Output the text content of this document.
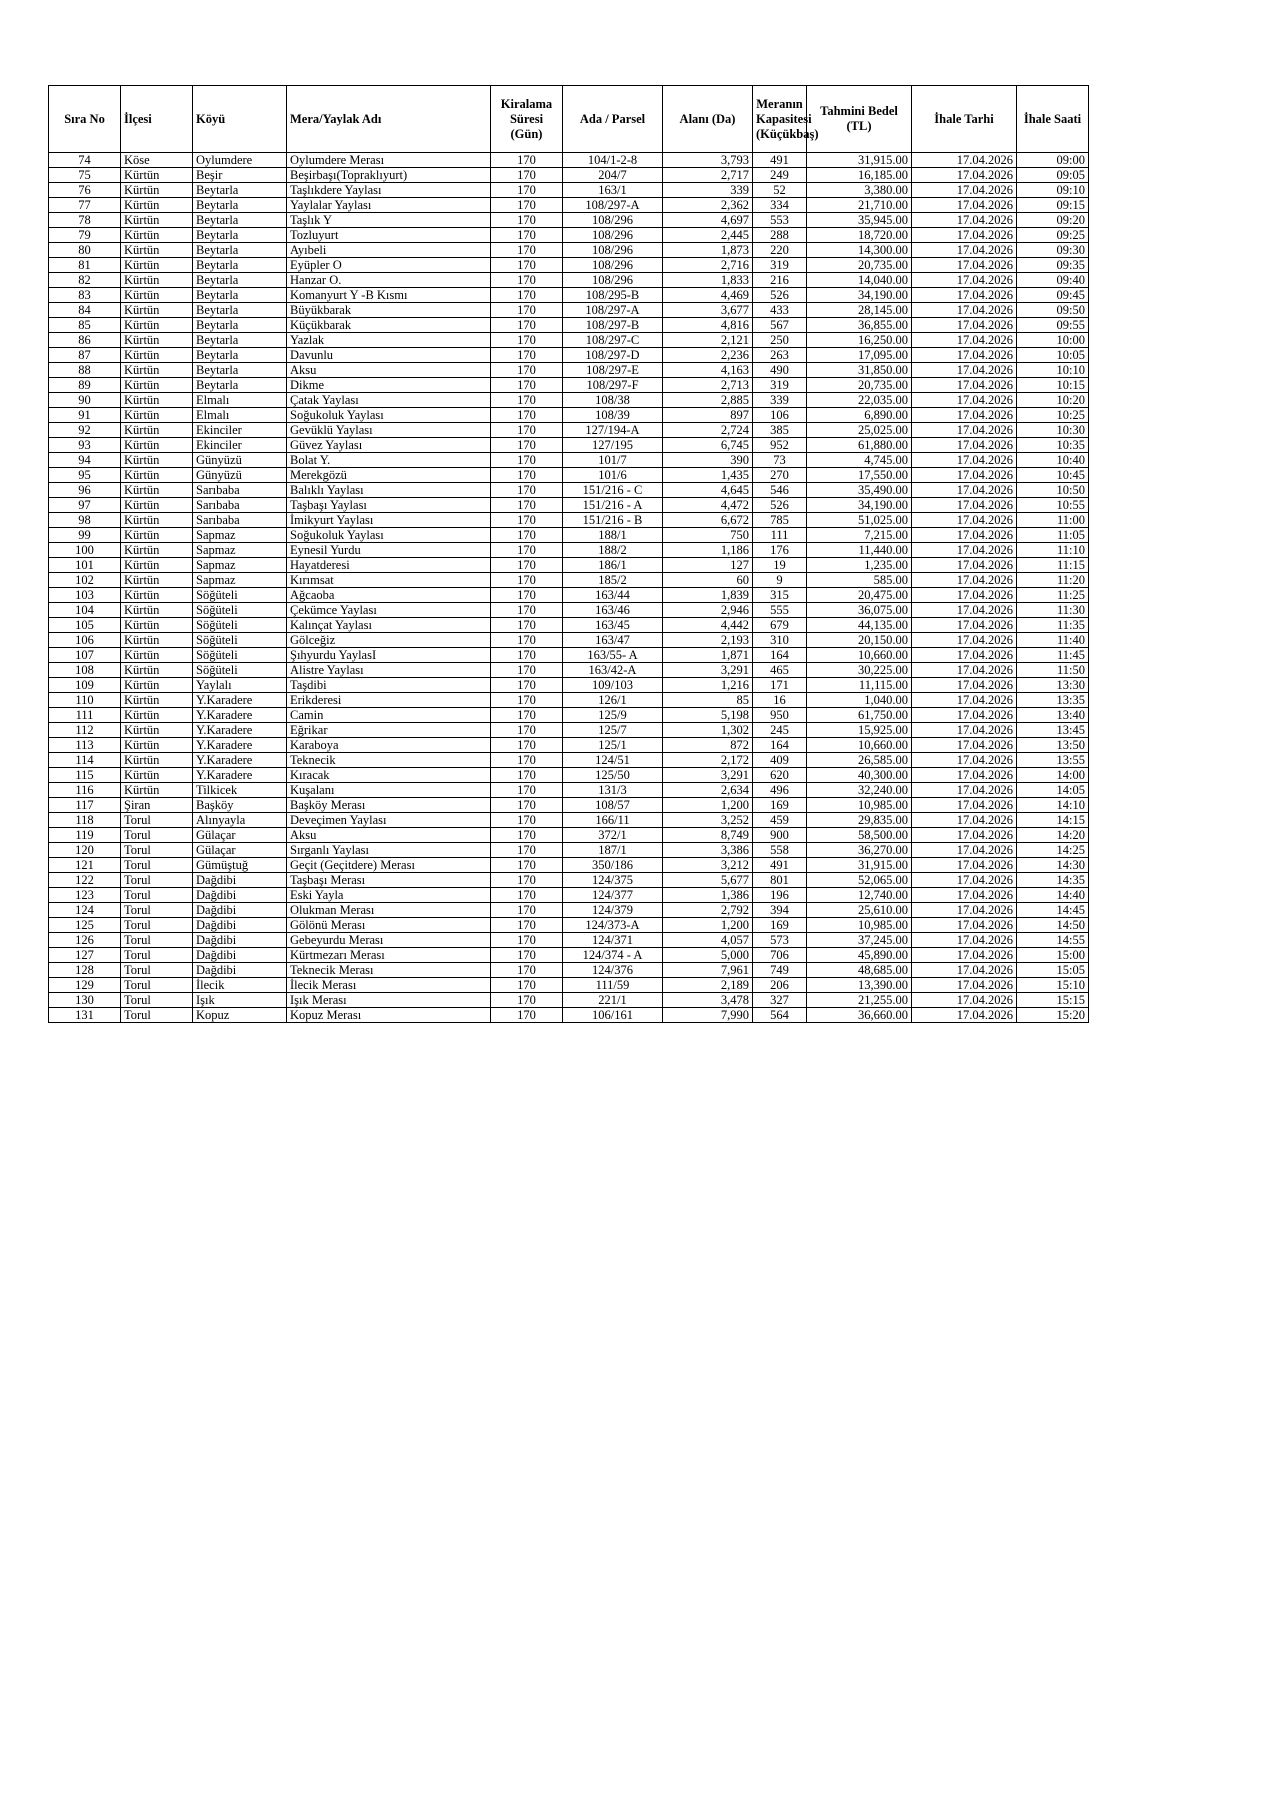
Sıra No	İlçesi	Köyü	Mera/Yaylak Adı	Kiralama Süresi (Gün)	Ada / Parsel	Alanı (Da)	Meranın Kapasitesi (Küçükbaş)	Tahmini Bedel (TL)	İhale Tarhi	İhale Saati
74	Köse	Oylumdere	Oylumdere Merası	170	104/1-2-8	3,793	491	31,915.00	17.04.2026	09:00
75	Kürtün	Beşir	Beşirbaşı(Topraklıyurt)	170	204/7	2,717	249	16,185.00	17.04.2026	09:05
76	Kürtün	Beytarla	Taşlıkdere Yaylası	170	163/1	339	52	3,380.00	17.04.2026	09:10
77	Kürtün	Beytarla	Yaylalar Yaylası	170	108/297-A	2,362	334	21,710.00	17.04.2026	09:15
78	Kürtün	Beytarla	Taşlık Y	170	108/296	4,697	553	35,945.00	17.04.2026	09:20
79	Kürtün	Beytarla	Tozluyurt	170	108/296	2,445	288	18,720.00	17.04.2026	09:25
80	Kürtün	Beytarla	Ayıbeli	170	108/296	1,873	220	14,300.00	17.04.2026	09:30
81	Kürtün	Beytarla	Eyüpler O	170	108/296	2,716	319	20,735.00	17.04.2026	09:35
82	Kürtün	Beytarla	Hanzar O.	170	108/296	1,833	216	14,040.00	17.04.2026	09:40
83	Kürtün	Beytarla	Komanyurt Y -B Kısmı	170	108/295-B	4,469	526	34,190.00	17.04.2026	09:45
84	Kürtün	Beytarla	Büyükbarak	170	108/297-A	3,677	433	28,145.00	17.04.2026	09:50
85	Kürtün	Beytarla	Küçükbarak	170	108/297-B	4,816	567	36,855.00	17.04.2026	09:55
86	Kürtün	Beytarla	Yazlak	170	108/297-C	2,121	250	16,250.00	17.04.2026	10:00
87	Kürtün	Beytarla	Davunlu	170	108/297-D	2,236	263	17,095.00	17.04.2026	10:05
88	Kürtün	Beytarla	Aksu	170	108/297-E	4,163	490	31,850.00	17.04.2026	10:10
89	Kürtün	Beytarla	Dikme	170	108/297-F	2,713	319	20,735.00	17.04.2026	10:15
90	Kürtün	Elmalı	Çatak Yaylası	170	108/38	2,885	339	22,035.00	17.04.2026	10:20
91	Kürtün	Elmalı	Soğukoluk Yaylası	170	108/39	897	106	6,890.00	17.04.2026	10:25
92	Kürtün	Ekinciler	Gevüklü Yaylası	170	127/194-A	2,724	385	25,025.00	17.04.2026	10:30
93	Kürtün	Ekinciler	Güvez Yaylası	170	127/195	6,745	952	61,880.00	17.04.2026	10:35
94	Kürtün	Günyüzü	Bolat Y.	170	101/7	390	73	4,745.00	17.04.2026	10:40
95	Kürtün	Günyüzü	Merekgözü	170	101/6	1,435	270	17,550.00	17.04.2026	10:45
96	Kürtün	Sarıbaba	Balıklı Yaylası	170	151/216 - C	4,645	546	35,490.00	17.04.2026	10:50
97	Kürtün	Sarıbaba	Taşbaşı Yaylası	170	151/216 - A	4,472	526	34,190.00	17.04.2026	10:55
98	Kürtün	Sarıbaba	İmikyurt Yaylası	170	151/216 - B	6,672	785	51,025.00	17.04.2026	11:00
99	Kürtün	Sapmaz	Soğukoluk Yaylası	170	188/1	750	111	7,215.00	17.04.2026	11:05
100	Kürtün	Sapmaz	Eynesil Yurdu	170	188/2	1,186	176	11,440.00	17.04.2026	11:10
101	Kürtün	Sapmaz	Hayatderesi	170	186/1	127	19	1,235.00	17.04.2026	11:15
102	Kürtün	Sapmaz	Kırımsat	170	185/2	60	9	585.00	17.04.2026	11:20
103	Kürtün	Söğüteli	Ağcaoba	170	163/44	1,839	315	20,475.00	17.04.2026	11:25
104	Kürtün	Söğüteli	Çekümce Yaylası	170	163/46	2,946	555	36,075.00	17.04.2026	11:30
105	Kürtün	Söğüteli	Kalınçat Yaylası	170	163/45	4,442	679	44,135.00	17.04.2026	11:35
106	Kürtün	Söğüteli	Gölceğiz	170	163/47	2,193	310	20,150.00	17.04.2026	11:40
107	Kürtün	Söğüteli	Şıhyurdu YaylasI	170	163/55- A	1,871	164	10,660.00	17.04.2026	11:45
108	Kürtün	Söğüteli	Alistre Yaylası	170	163/42-A	3,291	465	30,225.00	17.04.2026	11:50
109	Kürtün	Yaylalı	Taşdibi	170	109/103	1,216	171	11,115.00	17.04.2026	13:30
110	Kürtün	Y.Karadere	Erikderesi	170	126/1	85	16	1,040.00	17.04.2026	13:35
111	Kürtün	Y.Karadere	Camin	170	125/9	5,198	950	61,750.00	17.04.2026	13:40
112	Kürtün	Y.Karadere	Eğrikar	170	125/7	1,302	245	15,925.00	17.04.2026	13:45
113	Kürtün	Y.Karadere	Karaboya	170	125/1	872	164	10,660.00	17.04.2026	13:50
114	Kürtün	Y.Karadere	Teknecik	170	124/51	2,172	409	26,585.00	17.04.2026	13:55
115	Kürtün	Y.Karadere	Kıracak	170	125/50	3,291	620	40,300.00	17.04.2026	14:00
116	Kürtün	Tilkicek	Kuşalanı	170	131/3	2,634	496	32,240.00	17.04.2026	14:05
117	Şiran	Başköy	Başköy Merası	170	108/57	1,200	169	10,985.00	17.04.2026	14:10
118	Torul	Alınyayla	Deveçimen Yaylası	170	166/11	3,252	459	29,835.00	17.04.2026	14:15
119	Torul	Gülaçar	Aksu	170	372/1	8,749	900	58,500.00	17.04.2026	14:20
120	Torul	Gülaçar	Sırganlı Yaylası	170	187/1	3,386	558	36,270.00	17.04.2026	14:25
121	Torul	Gümüştuğ	Geçit (Geçitdere) Merası	170	350/186	3,212	491	31,915.00	17.04.2026	14:30
122	Torul	Dağdibi	Taşbaşı Merası	170	124/375	5,677	801	52,065.00	17.04.2026	14:35
123	Torul	Dağdibi	Eski Yayla	170	124/377	1,386	196	12,740.00	17.04.2026	14:40
124	Torul	Dağdibi	Olukman Merası	170	124/379	2,792	394	25,610.00	17.04.2026	14:45
125	Torul	Dağdibi	Gölönü Merası	170	124/373-A	1,200	169	10,985.00	17.04.2026	14:50
126	Torul	Dağdibi	Gebeyurdu Merası	170	124/371	4,057	573	37,245.00	17.04.2026	14:55
127	Torul	Dağdibi	Kürtmezarı Merası	170	124/374 - A	5,000	706	45,890.00	17.04.2026	15:00
128	Torul	Dağdibi	Teknecik Merası	170	124/376	7,961	749	48,685.00	17.04.2026	15:05
129	Torul	İlecik	İlecik Merası	170	111/59	2,189	206	13,390.00	17.04.2026	15:10
130	Torul	Işık	Işık Merası	170	221/1	3,478	327	21,255.00	17.04.2026	15:15
131	Torul	Kopuz	Kopuz Merası	170	106/161	7,990	564	36,660.00	17.04.2026	15:20
